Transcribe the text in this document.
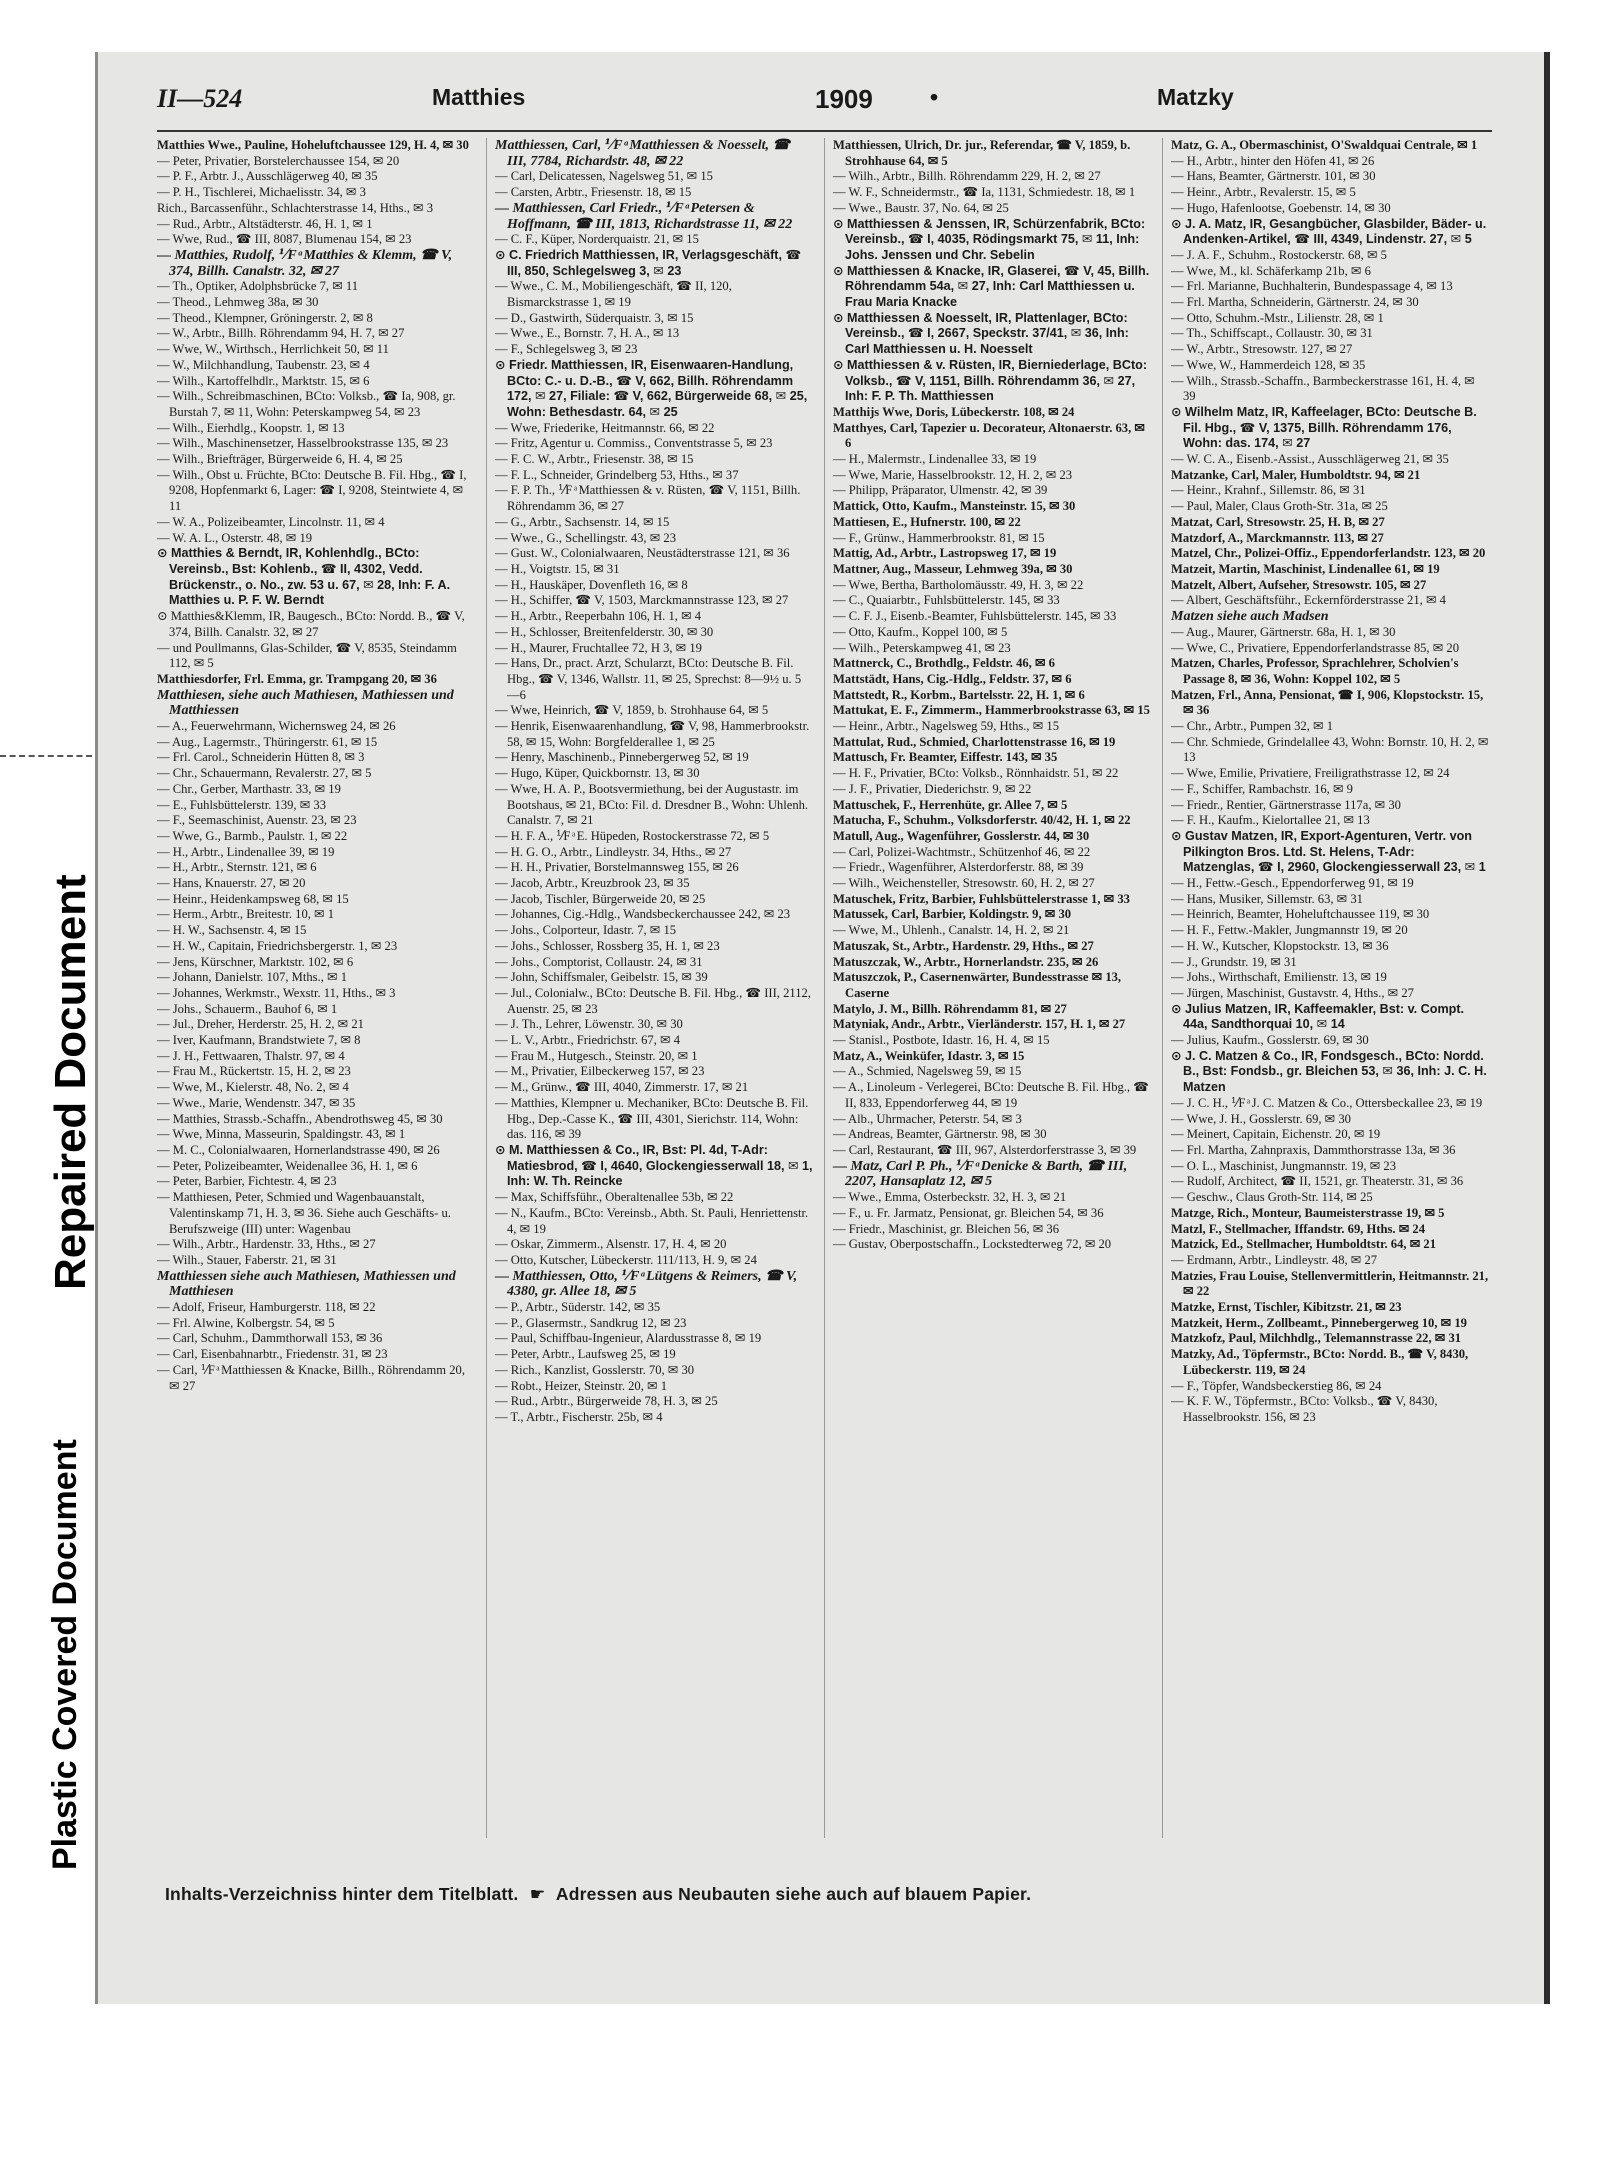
Repaired Document
Plastic Covered Document
II—524	Matthies	1909 •	Matzky

Matthies Wwe., Pauline, Hoheluftchaussee 129, H. 4, ✉ 30

— Peter, Privatier, Borstelerchaussee 154, ✉ 20

— P. F., Arbtr. J., Ausschlägerweg 40, ✉ 35

— P. H., Tischlerei, Michaelisstr. 34, ✉ 3

Rich., Barcassenführ., Schlachterstrasse 14, Hths., ✉ 3

— Rud., Arbtr., Altstädterstr. 46, H. 1, ✉ 1

— Wwe, Rud., ☎ III, 8087, Blumenau 154, ✉ 23

— Matthies, Rudolf, ⅟F ͣ Matthies & Klemm, ☎ V, 374, Billh. Canalstr. 32, ✉ 27

— Th., Optiker, Adolphsbrücke 7, ✉ 11

— Theod., Lehmweg 38a, ✉ 30

— Theod., Klempner, Gröningerstr. 2, ✉ 8

— W., Arbtr., Billh. Röhrendamm 94, H. 7, ✉ 27

— Wwe, W., Wirthsch., Herrlichkeit 50, ✉ 11

— W., Milchhandlung, Taubenstr. 23, ✉ 4

— Wilh., Kartoffelhdlr., Marktstr. 15, ✉ 6

— Wilh., Schreibmaschinen, BCto: Volksb., ☎ Ia, 908, gr. Burstah 7, ✉ 11, Wohn: Peterskampweg 54, ✉ 23

— Wilh., Eierhdlg., Koopstr. 1, ✉ 13

— Wilh., Maschinensetzer, Hasselbrookstrasse 135, ✉ 23

— Wilh., Briefträger, Bürgerweide 6, H. 4, ✉ 25

— Wilh., Obst u. Früchte, BCto: Deutsche B. Fil. Hbg., ☎ I, 9208, Hopfenmarkt 6, Lager: ☎ I, 9208, Steintwiete 4, ✉ 11

— W. A., Polizeibeamter, Lincolnstr. 11, ✉ 4

— W. A. L., Osterstr. 48, ✉ 19

⊙ Matthies & Berndt, IR, Kohlenhdlg., BCto: Vereinsb., Bst: Kohlenb., ☎ II, 4302, Vedd. Brückenstr., o. No., zw. 53 u. 67, ✉ 28, Inh: F. A. Matthies u. P. F. W. Berndt

⊙ Matthies&Klemm, IR, Baugesch., BCto: Nordd. B., ☎ V, 374, Billh. Canalstr. 32, ✉ 27

— und Poullmanns, Glas-Schilder, ☎ V, 8535, Steindamm 112, ✉ 5

Matthiesdorfer, Frl. Emma, gr. Trampgang 20, ✉ 36

Matthiesen, siehe auch Mathiesen, Mathiessen und Matthiessen

— A., Feuerwehrmann, Wichernsweg 24, ✉ 26

— Aug., Lagermstr., Thüringerstr. 61, ✉ 15

— Frl. Carol., Schneiderin Hütten 8, ✉ 3

— Chr., Schauermann, Revalerstr. 27, ✉ 5

— Chr., Gerber, Marthastr. 33, ✉ 19

— E., Fuhlsbüttelerstr. 139, ✉ 33

— F., Seemaschinist, Auenstr. 23, ✉ 23

— Wwe, G., Barmb., Paulstr. 1, ✉ 22

— H., Arbtr., Lindenallee 39, ✉ 19

— H., Arbtr., Sternstr. 121, ✉ 6

— Hans, Knauerstr. 27, ✉ 20

— Heinr., Heidenkampsweg 68, ✉ 15

— Herm., Arbtr., Breitestr. 10, ✉ 1

— H. W., Sachsenstr. 4, ✉ 15

— H. W., Capitain, Friedrichsbergerstr. 1, ✉ 23

— Jens, Kürschner, Marktstr. 102, ✉ 6

— Johann, Danielstr. 107, Mths., ✉ 1

— Johannes, Werkmstr., Wexstr. 11, Hths., ✉ 3

— Johs., Schauerm., Bauhof 6, ✉ 1

— Jul., Dreher, Herderstr. 25, H. 2, ✉ 21

— Iver, Kaufmann, Brandstwiete 7, ✉ 8

— J. H., Fettwaaren, Thalstr. 97, ✉ 4

— Frau M., Rückertstr. 15, H. 2, ✉ 23

— Wwe, M., Kielerstr. 48, No. 2, ✉ 4

— Wwe., Marie, Wendenstr. 347, ✉ 35

— Matthies, Strassb.-Schaffn., Abendrothsweg 45, ✉ 30

— Wwe, Minna, Masseurin, Spaldingstr. 43, ✉ 1

— M. C., Colonialwaaren, Hornerlandstrasse 490, ✉ 26

— Peter, Polizeibeamter, Weidenallee 36, H. 1, ✉ 6

— Peter, Barbier, Fichtestr. 4, ✉ 23

— Matthiesen, Peter, Schmied und Wagenbauanstalt, Valentinskamp 71, H. 3, ✉ 36. Siehe auch Geschäfts- u. Berufszweige (III) unter: Wagenbau

— Wilh., Arbtr., Hardenstr. 33, Hths., ✉ 27

— Wilh., Stauer, Faberstr. 21, ✉ 31

Matthiessen siehe auch Mathiesen, Mathiessen und Matthiesen

— Adolf, Friseur, Hamburgerstr. 118, ✉ 22

— Frl. Alwine, Kolbergstr. 54, ✉ 5

— Carl, Schuhm., Dammthorwall 153, ✉ 36

— Carl, Eisenbahnarbtr., Friedenstr. 31, ✉ 23

— Carl, ⅟F ͣ Matthiessen & Knacke, Billh., Röhrendamm 20, ✉ 27

Matthiessen, Carl, ⅟F ͣ Matthiessen & Noesselt, ☎ III, 7784, Richardstr. 48, ✉ 22

— Carl, Delicatessen, Nagelsweg 51, ✉ 15

— Carsten, Arbtr., Friesenstr. 18, ✉ 15

— Matthiessen, Carl Friedr., ⅟F ͣ Petersen & Hoffmann, ☎ III, 1813, Richardstrasse 11, ✉ 22

— C. F., Küper, Norderquaistr. 21, ✉ 15

⊙ C. Friedrich Matthiessen, IR, Verlagsgeschäft, ☎ III, 850, Schlegelsweg 3, ✉ 23

— Wwe., C. M., Mobiliengeschäft, ☎ II, 120, Bismarckstrasse 1, ✉ 19

— D., Gastwirth, Süderquaistr. 3, ✉ 15

— Wwe., E., Bornstr. 7, H. A., ✉ 13

— F., Schlegelsweg 3, ✉ 23

⊙ Friedr. Matthiessen, IR, Eisenwaaren-Handlung, BCto: C.- u. D.-B., ☎ V, 662, Billh. Röhrendamm 172, ✉ 27, Filiale: ☎ V, 662, Bürgerweide 68, ✉ 25, Wohn: Bethesdastr. 64, ✉ 25

— Wwe, Friederike, Heitmannstr. 66, ✉ 22

— Fritz, Agentur u. Commiss., Conventstrasse 5, ✉ 23

— F. C. W., Arbtr., Friesenstr. 38, ✉ 15

— F. L., Schneider, Grindelberg 53, Hths., ✉ 37

— F. P. Th., ⅟F ͣ Matthiessen & v. Rüsten, ☎ V, 1151, Billh. Röhrendamm 36, ✉ 27

— G., Arbtr., Sachsenstr. 14, ✉ 15

— Wwe., G., Schellingstr. 43, ✉ 23

— Gust. W., Colonialwaaren, Neustädterstrasse 121, ✉ 36

— H., Voigtstr. 15, ✉ 31

— H., Hauskäper, Dovenfleth 16, ✉ 8

— H., Schiffer, ☎ V, 1503, Marckmannstrasse 123, ✉ 27

— H., Arbtr., Reeperbahn 106, H. 1, ✉ 4

— H., Schlosser, Breitenfelderstr. 30, ✉ 30

— H., Maurer, Fruchtallee 72, H 3, ✉ 19

— Hans, Dr., pract. Arzt, Schularzt, BCto: Deutsche B. Fil. Hbg., ☎ V, 1346, Wallstr. 11, ✉ 25, Sprechst: 8—9½ u. 5—6

— Wwe, Heinrich, ☎ V, 1859, b. Strohhause 64, ✉ 5

— Henrik, Eisenwaarenhandlung, ☎ V, 98, Hammerbrookstr. 58, ✉ 15, Wohn: Borgfelderallee 1, ✉ 25

— Henry, Maschinenb., Pinnebergerweg 52, ✉ 19

— Hugo, Küper, Quickbornstr. 13, ✉ 30

— Wwe, H. A. P., Bootsvermiethung, bei der Augustastr. im Bootshaus, ✉ 21, BCto: Fil. d. Dresdner B., Wohn: Uhlenh. Canalstr. 7, ✉ 21

— H. F. A., ⅟F ͣ E. Hüpeden, Rostockerstrasse 72, ✉ 5

— H. G. O., Arbtr., Lindleystr. 34, Hths., ✉ 27

— H. H., Privatier, Borstelmannsweg 155, ✉ 26

— Jacob, Arbtr., Kreuzbrook 23, ✉ 35

— Jacob, Tischler, Bürgerweide 20, ✉ 25

— Johannes, Cig.-Hdlg., Wandsbeckerchaussee 242, ✉ 23

— Johs., Colporteur, Idastr. 7, ✉ 15

— Johs., Schlosser, Rossberg 35, H. 1, ✉ 23

— Johs., Comptorist, Collaustr. 24, ✉ 31

— John, Schiffsmaler, Geibelstr. 15, ✉ 39

— Jul., Colonialw., BCto: Deutsche B. Fil. Hbg., ☎ III, 2112, Auenstr. 25, ✉ 23

— J. Th., Lehrer, Löwenstr. 30, ✉ 30

— L. V., Arbtr., Friedrichstr. 67, ✉ 4

— Frau M., Hutgesch., Steinstr. 20, ✉ 1

— M., Privatier, Eilbeckerweg 157, ✉ 23

— M., Grünw., ☎ III, 4040, Zimmerstr. 17, ✉ 21

— Matthies, Klempner u. Mechaniker, BCto: Deutsche B. Fil. Hbg., Dep.-Casse K., ☎ III, 4301, Sierichstr. 114, Wohn: das. 116, ✉ 39

⊙ M. Matthiessen & Co., IR, Bst: Pl. 4d, T-Adr: Matiesbrod, ☎ I, 4640, Glockengiesserwall 18, ✉ 1, Inh: W. Th. Reincke

— Max, Schiffsführ., Oberaltenallee 53b, ✉ 22

— N., Kaufm., BCto: Vereinsb., Abth. St. Pauli, Henriettenstr. 4, ✉ 19

— Oskar, Zimmerm., Alsenstr. 17, H. 4, ✉ 20

— Otto, Kutscher, Lübeckerstr. 111/113, H. 9, ✉ 24

— Matthiessen, Otto, ⅟F ͣ Lütgens & Reimers, ☎ V, 4380, gr. Allee 18, ✉ 5

— P., Arbtr., Süderstr. 142, ✉ 35

— P., Glasermstr., Sandkrug 12, ✉ 23

— Paul, Schiffbau-Ingenieur, Alardusstrasse 8, ✉ 19

— Peter, Arbtr., Laufsweg 25, ✉ 19

— Rich., Kanzlist, Gosslerstr. 70, ✉ 30

— Robt., Heizer, Steinstr. 20, ✉ 1

— Rud., Arbtr., Bürgerweide 78, H. 3, ✉ 25

— T., Arbtr., Fischerstr. 25b, ✉ 4

Matthiessen, Ulrich, Dr. jur., Referendar, ☎ V, 1859, b. Strohhause 64, ✉ 5

— Wilh., Arbtr., Billh. Röhrendamm 229, H. 2, ✉ 27

— W. F., Schneidermstr., ☎ Ia, 1131, Schmiedestr. 18, ✉ 1

— Wwe., Baustr. 37, No. 64, ✉ 25

⊙ Matthiessen & Jenssen, IR, Schürzenfabrik, BCto: Vereinsb., ☎ I, 4035, Rödingsmarkt 75, ✉ 11, Inh: Johs. Jenssen und Chr. Sebelin

⊙ Matthiessen & Knacke, IR, Glaserei, ☎ V, 45, Billh. Röhrendamm 54a, ✉ 27, Inh: Carl Matthiessen u. Frau Maria Knacke

⊙ Matthiessen & Noesselt, IR, Plattenlager, BCto: Vereinsb., ☎ I, 2667, Speckstr. 37/41, ✉ 36, Inh: Carl Matthiessen u. H. Noesselt

⊙ Matthiessen & v. Rüsten, IR, Bierniederlage, BCto: Volksb., ☎ V, 1151, Billh. Röhrendamm 36, ✉ 27, Inh: F. P. Th. Matthiessen

Matthijs Wwe, Doris, Lübeckerstr. 108, ✉ 24

Matthyes, Carl, Tapezier u. Decorateur, Altonaerstr. 63, ✉ 6

— H., Malermstr., Lindenallee 33, ✉ 19

— Wwe, Marie, Hasselbrookstr. 12, H. 2, ✉ 23

— Philipp, Präparator, Ulmenstr. 42, ✉ 39

Mattick, Otto, Kaufm., Mansteinstr. 15, ✉ 30

Mattiesen, E., Hufnerstr. 100, ✉ 22

— F., Grünw., Hammerbrookstr. 81, ✉ 15

Mattig, Ad., Arbtr., Lastropsweg 17, ✉ 19

Mattner, Aug., Masseur, Lehmweg 39a, ✉ 30

— Wwe, Bertha, Bartholomäusstr. 49, H. 3, ✉ 22

— C., Quaiarbtr., Fuhlsbüttelerstr. 145, ✉ 33

— C. F. J., Eisenb.-Beamter, Fuhlsbüttelerstr. 145, ✉ 33

— Otto, Kaufm., Koppel 100, ✉ 5

— Wilh., Peterskampweg 41, ✉ 23

Mattnerck, C., Brothdlg., Feldstr. 46, ✉ 6

Mattstädt, Hans, Cig.-Hdlg., Feldstr. 37, ✉ 6

Mattstedt, R., Korbm., Bartelsstr. 22, H. 1, ✉ 6

Mattukat, E. F., Zimmerm., Hammerbrookstrasse 63, ✉ 15

— Heinr., Arbtr., Nagelsweg 59, Hths., ✉ 15

Mattulat, Rud., Schmied, Charlottenstrasse 16, ✉ 19

Mattusch, Fr. Beamter, Eiffestr. 143, ✉ 35

— H. F., Privatier, BCto: Volksb., Rönnhaidstr. 51, ✉ 22

— J. F., Privatier, Diederichstr. 9, ✉ 22

Mattuschek, F., Herrenhüte, gr. Allee 7, ✉ 5

Matucha, F., Schuhm., Volksdorferstr. 40/42, H. 1, ✉ 22

Matull, Aug., Wagenführer, Gosslerstr. 44, ✉ 30

— Carl, Polizei-Wachtmstr., Schützenhof 46, ✉ 22

— Friedr., Wagenführer, Alsterdorferstr. 88, ✉ 39

— Wilh., Weichensteller, Stresowstr. 60, H. 2, ✉ 27

Matuschek, Fritz, Barbier, Fuhlsbüttelerstrasse 1, ✉ 33

Matussek, Carl, Barbier, Koldingstr. 9, ✉ 30

— Wwe, M., Uhlenh., Canalstr. 14, H. 2, ✉ 21

Matuszak, St., Arbtr., Hardenstr. 29, Hths., ✉ 27

Matuszczak, W., Arbtr., Hornerlandstr. 235, ✉ 26

Matuszczok, P., Casernenwärter, Bundesstrasse ✉ 13, Caserne

Matylo, J. M., Billh. Röhrendamm 81, ✉ 27

Matyniak, Andr., Arbtr., Vierländerstr. 157, H. 1, ✉ 27

— Stanisl., Postbote, Idastr. 16, H. 4, ✉ 15

Matz, A., Weinküfer, Idastr. 3, ✉ 15

— A., Schmied, Nagelsweg 59, ✉ 15

— A., Linoleum - Verlegerei, BCto: Deutsche B. Fil. Hbg., ☎ II, 833, Eppendorferweg 44, ✉ 19

— Alb., Uhrmacher, Peterstr. 54, ✉ 3

— Andreas, Beamter, Gärtnerstr. 98, ✉ 30

— Carl, Restaurant, ☎ III, 967, Alsterdorferstrasse 3, ✉ 39

— Matz, Carl P. Ph., ⅟F ͣ Denicke & Barth, ☎ III, 2207, Hansaplatz 12, ✉ 5

— Wwe., Emma, Osterbeckstr. 32, H. 3, ✉ 21

— F., u. Fr. Jarmatz, Pensionat, gr. Bleichen 54, ✉ 36

— Friedr., Maschinist, gr. Bleichen 56, ✉ 36

— Gustav, Oberpostschaffn., Lockstedterweg 72, ✉ 20

Matz, G. A., Obermaschinist, O'Swaldquai Centrale, ✉ 1

— H., Arbtr., hinter den Höfen 41, ✉ 26

— Hans, Beamter, Gärtnerstr. 101, ✉ 30

— Heinr., Arbtr., Revalerstr. 15, ✉ 5

— Hugo, Hafenlootse, Goebenstr. 14, ✉ 30

⊙ J. A. Matz, IR, Gesangbücher, Glasbilder, Bäder- u. Andenken-Artikel, ☎ III, 4349, Lindenstr. 27, ✉ 5

— J. A. F., Schuhm., Rostockerstr. 68, ✉ 5

— Wwe, M., kl. Schäferkamp 21b, ✉ 6

— Frl. Marianne, Buchhalterin, Bundespassage 4, ✉ 13

— Frl. Martha, Schneiderin, Gärtnerstr. 24, ✉ 30

— Otto, Schuhm.-Mstr., Lilienstr. 28, ✉ 1

— Th., Schiffscapt., Collaustr. 30, ✉ 31

— W., Arbtr., Stresowstr. 127, ✉ 27

— Wwe, W., Hammerdeich 128, ✉ 35

— Wilh., Strassb.-Schaffn., Barmbeckerstrasse 161, H. 4, ✉ 39

⊙ Wilhelm Matz, IR, Kaffeelager, BCto: Deutsche B. Fil. Hbg., ☎ V, 1375, Billh. Röhrendamm 176, Wohn: das. 174, ✉ 27

— W. C. A., Eisenb.-Assist., Ausschlägerweg 21, ✉ 35

Matzanke, Carl, Maler, Humboldtstr. 94, ✉ 21

— Heinr., Krahnf., Sillemstr. 86, ✉ 31

— Paul, Maler, Claus Groth-Str. 31a, ✉ 25

Matzat, Carl, Stresowstr. 25, H. B, ✉ 27

Matzdorf, A., Marckmannstr. 113, ✉ 27

Matzel, Chr., Polizei-Offiz., Eppendorferlandstr. 123, ✉ 20

Matzeit, Martin, Maschinist, Lindenallee 61, ✉ 19

Matzelt, Albert, Aufseher, Stresowstr. 105, ✉ 27

— Albert, Geschäftsführ., Eckernförderstrasse 21, ✉ 4

Matzen siehe auch Madsen

— Aug., Maurer, Gärtnerstr. 68a, H. 1, ✉ 30

— Wwe, C., Privatiere, Eppendorferlandstrasse 85, ✉ 20

Matzen, Charles, Professor, Sprachlehrer, Scholvien's Passage 8, ✉ 36, Wohn: Koppel 102, ✉ 5

Matzen, Frl., Anna, Pensionat, ☎ I, 906, Klopstockstr. 15, ✉ 36

— Chr., Arbtr., Pumpen 32, ✉ 1

— Chr. Schmiede, Grindelallee 43, Wohn: Bornstr. 10, H. 2, ✉ 13

— Wwe, Emilie, Privatiere, Freiligrathstrasse 12, ✉ 24

— F., Schiffer, Rambachstr. 16, ✉ 9

— Friedr., Rentier, Gärtnerstrasse 117a, ✉ 30

— F. H., Kaufm., Kielortallee 21, ✉ 13

⊙ Gustav Matzen, IR, Export-Agenturen, Vertr. von Pilkington Bros. Ltd. St. Helens, T-Adr: Matzenglas, ☎ I, 2960, Glockengiesserwall 23, ✉ 1

— H., Fettw.-Gesch., Eppendorferweg 91, ✉ 19

— Hans, Musiker, Sillemstr. 63, ✉ 31

— Heinrich, Beamter, Hoheluftchaussee 119, ✉ 30

— H. F., Fettw.-Makler, Jungmannstr 19, ✉ 20

— H. W., Kutscher, Klopstockstr. 13, ✉ 36

— J., Grundstr. 19, ✉ 31

— Johs., Wirthschaft, Emilienstr. 13, ✉ 19

— Jürgen, Maschinist, Gustavstr. 4, Hths., ✉ 27

⊙ Julius Matzen, IR, Kaffeemakler, Bst: v. Compt. 44a, Sandthorquai 10, ✉ 14

— Julius, Kaufm., Gosslerstr. 69, ✉ 30

⊙ J. C. Matzen & Co., IR, Fondsgesch., BCto: Nordd. B., Bst: Fondsb., gr. Bleichen 53, ✉ 36, Inh: J. C. H. Matzen

— J. C. H., ⅟F ͣ J. C. Matzen & Co., Ottersbeckallee 23, ✉ 19

— Wwe, J. H., Gosslerstr. 69, ✉ 30

— Meinert, Capitain, Eichenstr. 20, ✉ 19

— Frl. Martha, Zahnpraxis, Dammthorstrasse 13a, ✉ 36

— O. L., Maschinist, Jungmannstr. 19, ✉ 23

— Rudolf, Architect, ☎ II, 1521, gr. Theaterstr. 31, ✉ 36

— Geschw., Claus Groth-Str. 114, ✉ 25

Matzge, Rich., Monteur, Baumeisterstrasse 19, ✉ 5

Matzl, F., Stellmacher, Iffandstr. 69, Hths. ✉ 24

Matzick, Ed., Stellmacher, Humboldtstr. 64, ✉ 21

— Erdmann, Arbtr., Lindleystr. 48, ✉ 27

Matzies, Frau Louise, Stellenvermittlerin, Heitmannstr. 21, ✉ 22

Matzke, Ernst, Tischler, Kibitzstr. 21, ✉ 23

Matzkeit, Herm., Zollbeamt., Pinnebergerweg 10, ✉ 19

Matzkofz, Paul, Milchhdlg., Telemannstrasse 22, ✉ 31

Matzky, Ad., Töpfermstr., BCto: Nordd. B., ☎ V, 8430, Lübeckerstr. 119, ✉ 24

— F., Töpfer, Wandsbeckerstieg 86, ✉ 24

— K. F. W., Töpfermstr., BCto: Volksb., ☎ V, 8430, Hasselbrookstr. 156, ✉ 23

Inhalts-Verzeichniss hinter dem Titelblatt. ☛ Adressen aus Neubauten siehe auch auf blauem Papier.
